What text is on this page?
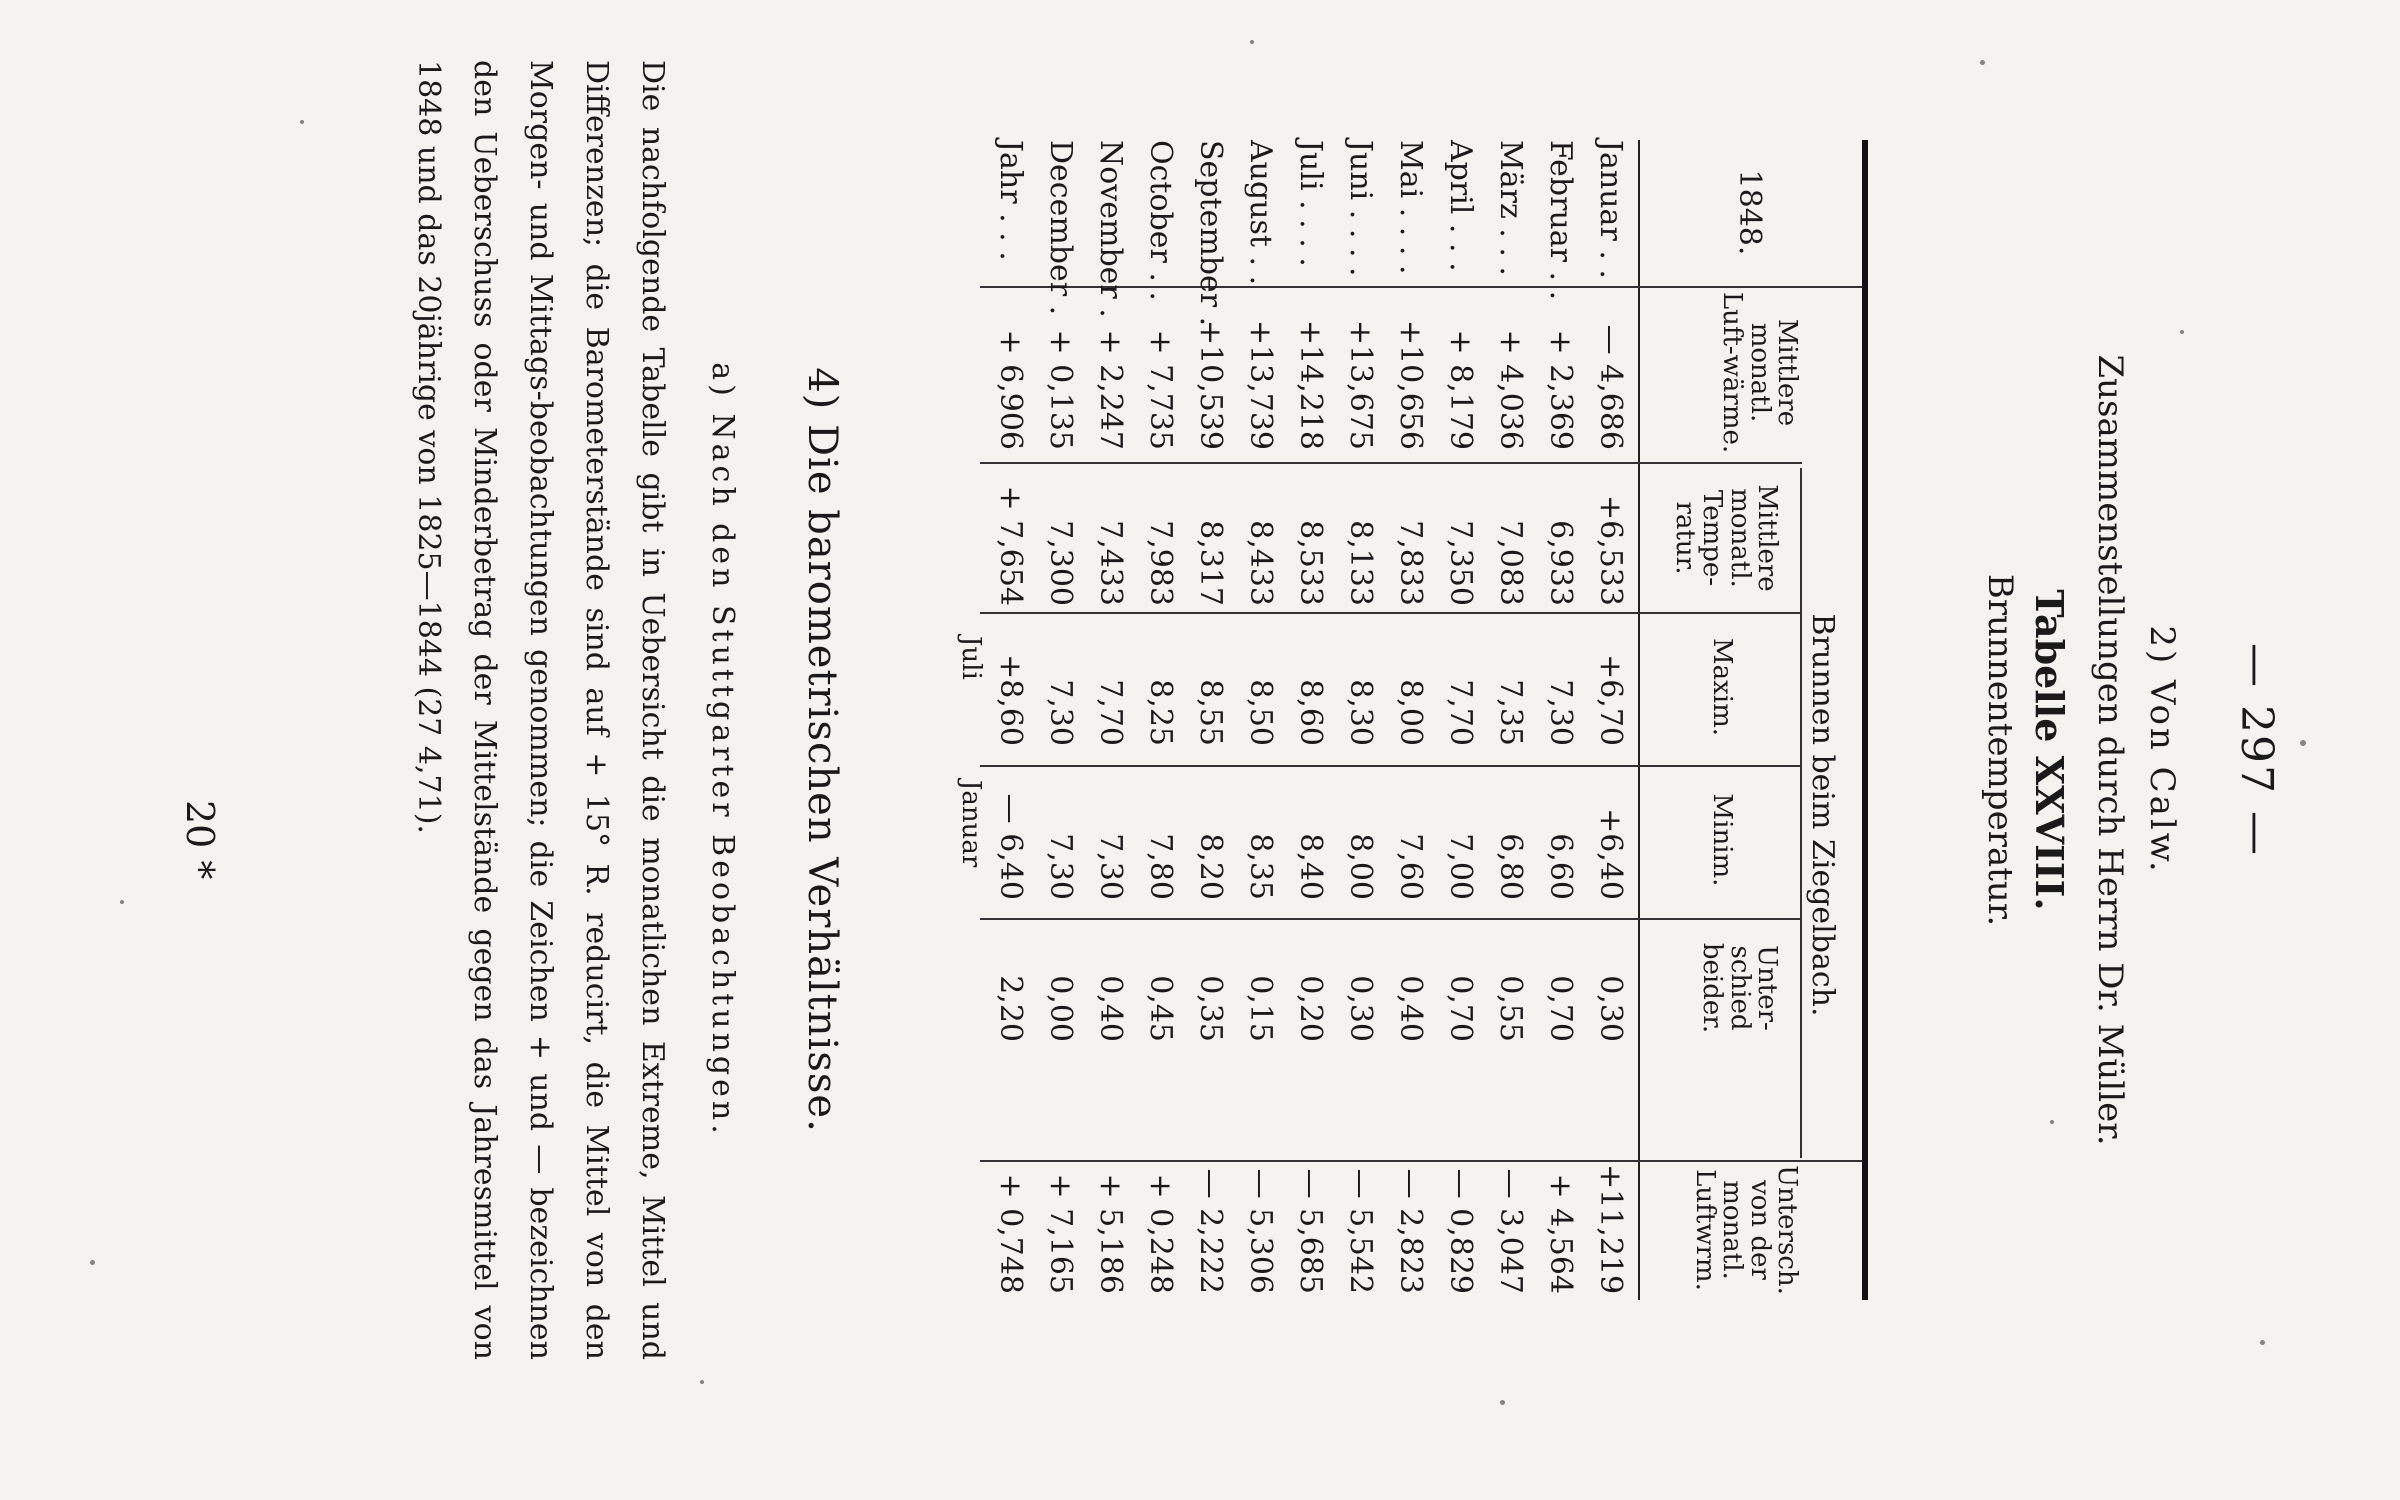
— 297 —
2) Von Calw.
Zusammenstellungen durch Herrn Dr. Müller.
Tabelle XXVIII.
Brunnentemperatur.
1848.
Mittlere monatl. Luft-wärme.
Brunnen beim Ziegelbach.
Mittlere monatl. Tempe-ratur.
Maxim.
Minim.
Unter-schied beider.
Untersch. von der monatl. Luftwrm.
Januar . .
— 4,686
+6,533
+6,70
+6,40
0,30
+11,219
Februar . .
+ 2,369
6,933
7,30
6,60
0,70
+ 4,564
März . . .
+ 4,036
7,083
7,35
6,80
0,55
— 3,047
April . . .
+ 8,179
7,350
7,70
7,00
0,70
— 0,829
Mai . . . .
+10,656
7,833
8,00
7,60
0,40
— 2,823
Juni . . . .
+13,675
8,133
8,30
8,00
0,30
— 5,542
Juli . . . .
+14,218
8,533
8,60
8,40
0,20
— 5,685
August . .
+13,739
8,433
8,50
8,35
0,15
— 5,306
September .
+10,539
8,317
8,55
8,20
0,35
— 2,222
October . .
+ 7,735
7,983
8,25
7,80
0,45
+ 0,248
November .
+ 2,247
7,433
7,70
7,30
0,40
+ 5,186
December .
+ 0,135
7,300
7,30
7,30
0,00
+ 7,165
Jahr . . .
+ 6,906
+ 7,654
+8,60
— 6,40
2,20
+ 0,748
Juli
Januar
4) Die barometrischen Verhältnisse.
a) Nach den Stuttgarter Beobachtungen.
Die nachfolgende Tabelle gibt in Uebersicht die monatlichen Extreme, Mittel und Differenzen; die Barometerstände sind auf + 15° R. reducirt, die Mittel von den Morgen- und Mittags-beobachtungen genommen; die Zeichen + und — bezeichnen den Ueberschuss oder Minderbetrag der Mittelstände gegen das Jahresmittel von 1848 und das 20jährige von 1825—1844 (27 4,71).
20 *
